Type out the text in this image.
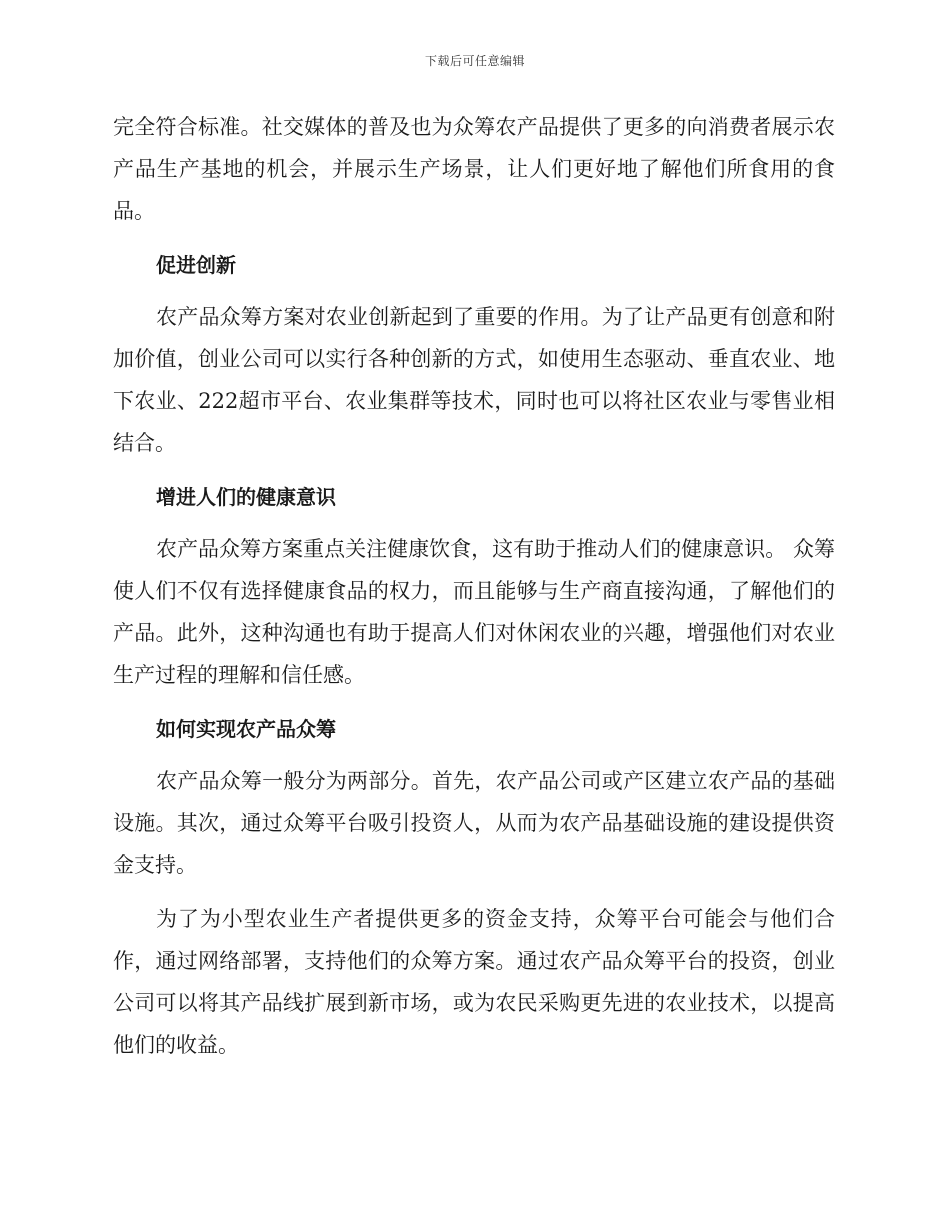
下载后可任意编辑

完全符合标准。社交媒体的普及也为众筹农产品提供了更多的向消费者展示农产品生产基地的机会，并展示生产场景，让人们更好地了解他们所食用的食品。

促进创新

农产品众筹方案对农业创新起到了重要的作用。为了让产品更有创意和附加价值，创业公司可以实行各种创新的方式，如使用生态驱动、垂直农业、地下农业、222超市平台、农业集群等技术，同时也可以将社区农业与零售业相结合。

增进人们的健康意识

农产品众筹方案重点关注健康饮食，这有助于推动人们的健康意识。 众筹使人们不仅有选择健康食品的权力，而且能够与生产商直接沟通，了解他们的产品。此外，这种沟通也有助于提高人们对休闲农业的兴趣，增强他们对农业生产过程的理解和信任感。

如何实现农产品众筹

农产品众筹一般分为两部分。首先，农产品公司或产区建立农产品的基础设施。其次，通过众筹平台吸引投资人，从而为农产品基础设施的建设提供资金支持。

为了为小型农业生产者提供更多的资金支持，众筹平台可能会与他们合作，通过网络部署，支持他们的众筹方案。通过农产品众筹平台的投资，创业公司可以将其产品线扩展到新市场，或为农民采购更先进的农业技术，以提高他们的收益。
